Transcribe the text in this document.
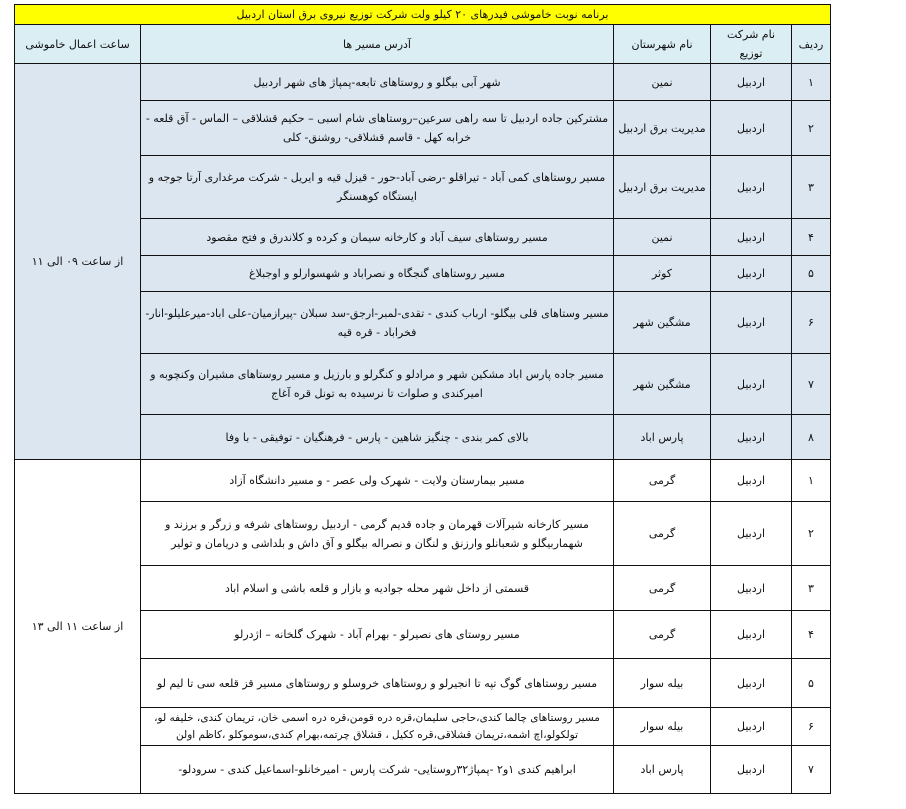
برنامه نوبت خاموشی فیدرهای ۲۰ کیلو ولت شرکت توزیع نیروی برق استان اردبیل				
ردیف	نام شرکت توزیع	نام شهرستان	آدرس مسیر ها	ساعت اعمال خاموشی
۱	اردبیل	نمین	شهر آبی بیگلو و روستاهای تابعه-پمپاژ های شهر اردبیل	از ساعت ۰۹ الی ۱۱
۲	اردبیل	مدیریت برق اردبیل	مشترکین جاده اردبیل تا سه راهی سرعین–روستاهای شام اسبی – حکیم قشلاقی – الماس - آق قلعه - خرابه کهل - قاسم قشلاقی- روشنق- کلی	
۳	اردبیل	مدیریت برق اردبیل	مسیر روستاهای کمی آباد - تیراقلو -رضی آباد-حور - قیزل قیه و ایریل - شرکت مرغداری آرتا جوجه و ایستگاه کوهسنگر	
۴	اردبیل	نمین	مسیر روستاهای سیف آباد و کارخانه سیمان و کرده و کلاندرق و فتح مقصود	
۵	اردبیل	کوثر	مسیر روستاهای گنجگاه و نصراباد و شهسوارلو و اوجبلاغ	
۶	اردبیل	مشگین شهر	مسیر وستاهای قلی بیگلو- ارباب کندی - تقدی-لمبر-ارجق-سد سبلان -پیرازمیان-علی اباد-میرعلیلو-انار- فخراباد - قره قیه	
۷	اردبیل	مشگین شهر	مسیر جاده پارس اباد مشکین شهر و مرادلو و کنگرلو و بارزیل و مسیر روستاهای مشیران وکنچوبه و امیرکندی و صلوات تا نرسیده به تونل قره آغاج	
۸	اردبیل	پارس اباد	بالای کمر بندی - چنگیز شاهین - پارس - فرهنگیان - توفیقی - با وفا	
۱	اردبیل	گرمی	مسیر بیمارستان ولایت - شهرک ولی عصر - و مسیر دانشگاه آزاد	از ساعت ۱۱ الی ۱۳
۲	اردبیل	گرمی	مسیر کارخانه شیرآلات قهرمان و جاده قدیم گرمی - اردبیل روستاهای شرفه و زرگر و برزند و شهماربیگلو و شعبانلو وارزنق و لنگان و نصراله بیگلو و آق داش و بلداشی و دریامان و تولیر	
۳	اردبیل	گرمی	قسمتی از داخل شهر محله جوادیه و بازار و قلعه باشی و اسلام اباد	
۴	اردبیل	گرمی	مسیر روستای های نصیرلو - بهرام آباد - شهرک گلخانه – اژدرلو	
۵	اردبیل	بیله سوار	مسیر روستاهای گوگ تپه تا انجیرلو و روستاهای خروسلو و روستاهای مسیر قز قلعه سی تا لیم لو	
۶	اردبیل	بیله سوار	مسیر روستاهای چالما کندی،حاجی سلیمان،قره دره قومن،قره دره اسمی خان، تریمان کندی، خلیفه لو، تولکولو،اچ اشمه،تریمان قشلاقی،قره ککیل ، قشلاق چرتمه،بهرام کندی،سوموکلو ،کاظم اولن	
۷	اردبیل	پارس اباد	ابراهیم کندی ۱و۲ -پمپاژ۳۲روستایی- شرکت پارس - امیرخانلو-اسماعیل کندی - سرودلو-	
